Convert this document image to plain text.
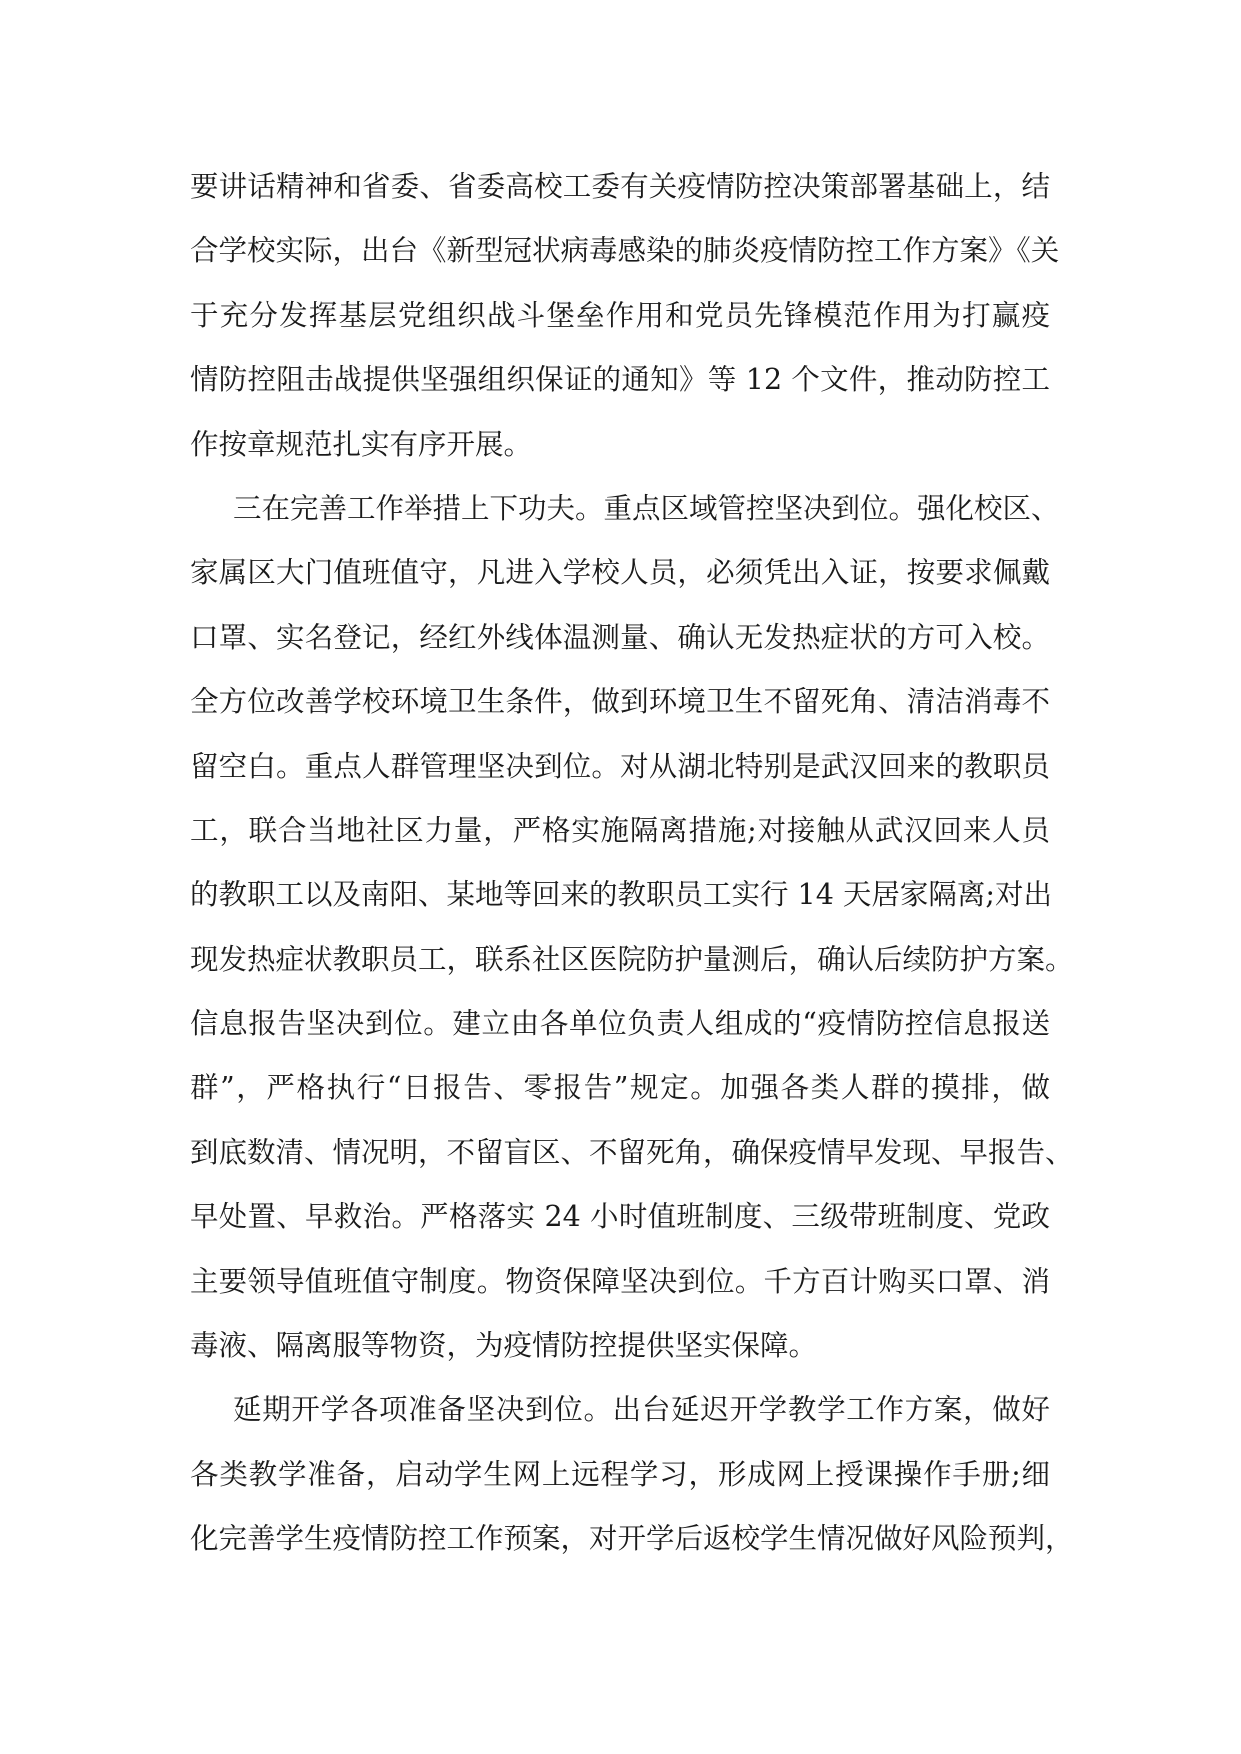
要讲话精神和省委、省委高校工委有关疫情防控决策部署基础上，结
合学校实际，出台《新型冠状病毒感染的肺炎疫情防控工作方案》《关
于充分发挥基层党组织战斗堡垒作用和党员先锋模范作用为打赢疫
情防控阻击战提供坚强组织保证的通知》等 12 个文件，推动防控工
作按章规范扎实有序开展。
三在完善工作举措上下功夫。重点区域管控坚决到位。强化校区、
家属区大门值班值守，凡进入学校人员，必须凭出入证，按要求佩戴
口罩、实名登记，经红外线体温测量、确认无发热症状的方可入校。
全方位改善学校环境卫生条件，做到环境卫生不留死角、清洁消毒不
留空白。重点人群管理坚决到位。对从湖北特别是武汉回来的教职员
工，联合当地社区力量，严格实施隔离措施;对接触从武汉回来人员
的教职工以及南阳、某地等回来的教职员工实行 14 天居家隔离;对出
现发热症状教职员工，联系社区医院防护量测后，确认后续防护方案。
信息报告坚决到位。建立由各单位负责人组成的“疫情防控信息报送
群”，严格执行“日报告、零报告”规定。加强各类人群的摸排，做
到底数清、情况明，不留盲区、不留死角，确保疫情早发现、早报告、
早处置、早救治。严格落实 24 小时值班制度、三级带班制度、党政
主要领导值班值守制度。物资保障坚决到位。千方百计购买口罩、消
毒液、隔离服等物资，为疫情防控提供坚实保障。
延期开学各项准备坚决到位。出台延迟开学教学工作方案，做好
各类教学准备，启动学生网上远程学习，形成网上授课操作手册;细
化完善学生疫情防控工作预案，对开学后返校学生情况做好风险预判，
